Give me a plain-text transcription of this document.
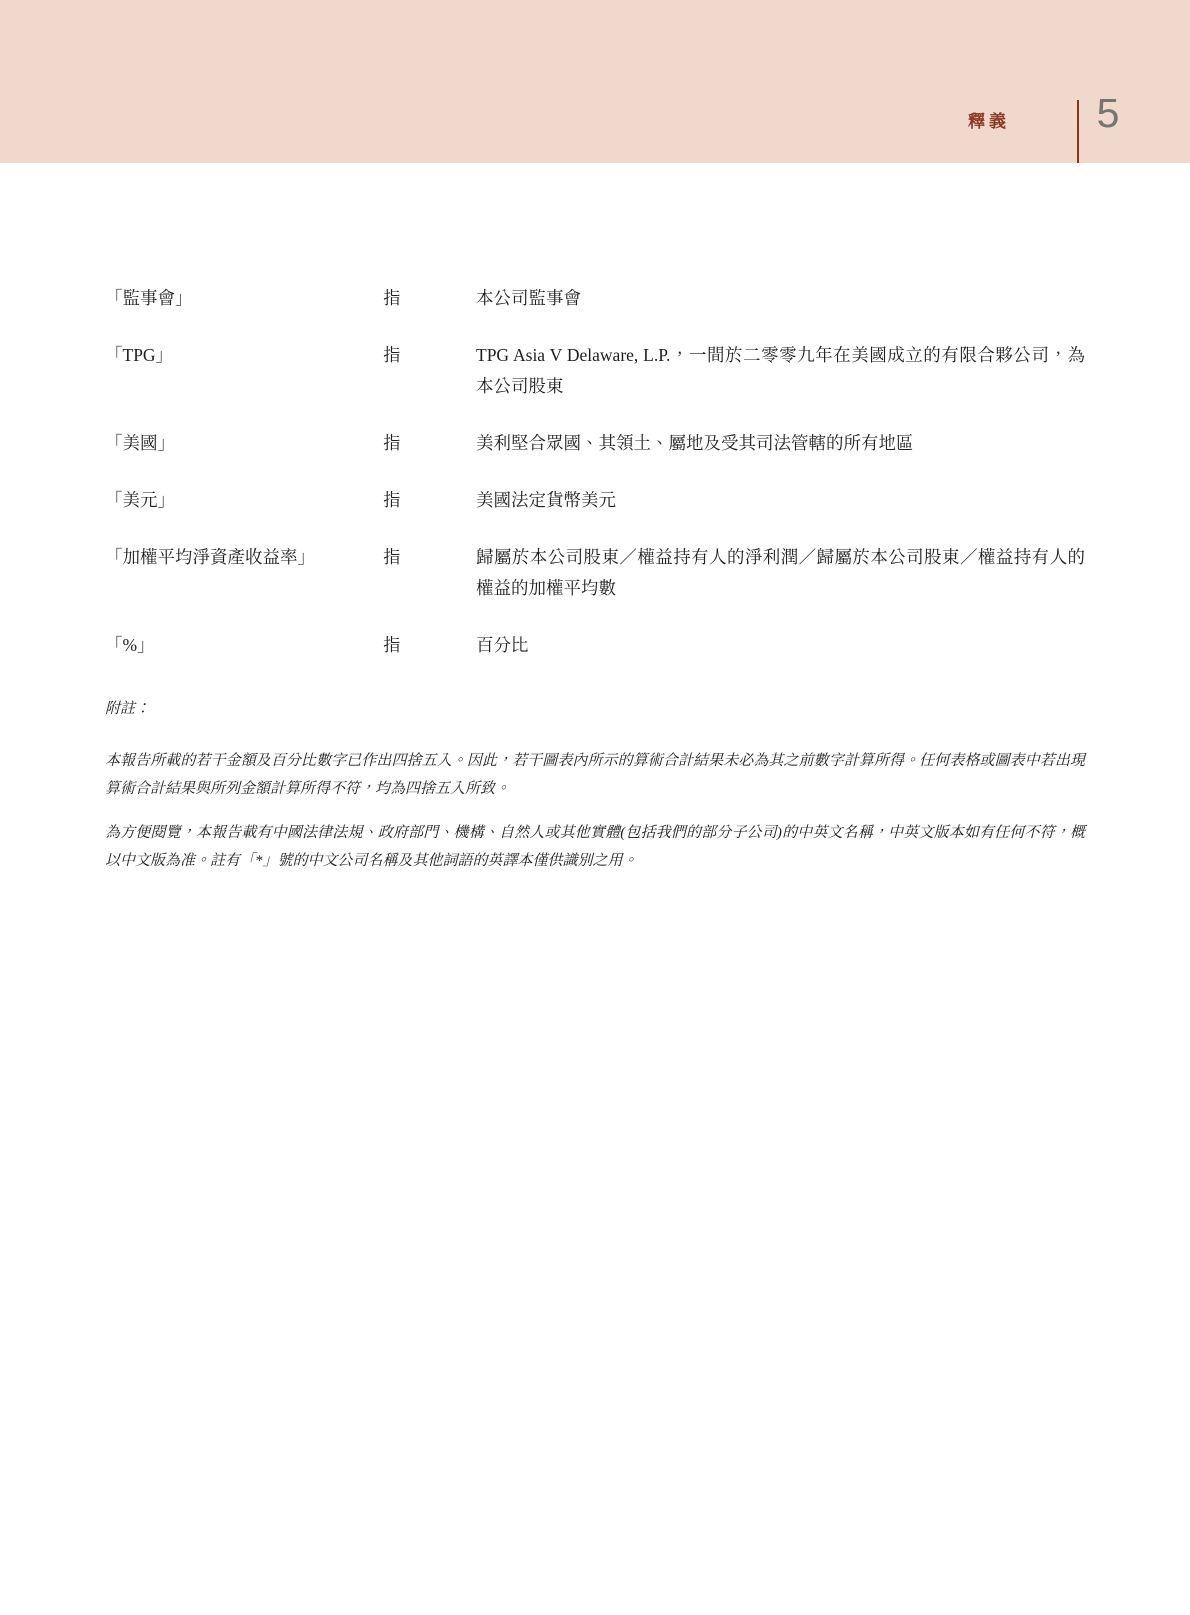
釋義	5
「監事會」	指	本公司監事會
「TPG」	指	TPG Asia V Delaware, L.P.，一間於二零零九年在美國成立的有限合夥公司，為本公司股東
「美國」	指	美利堅合眾國、其領土、屬地及受其司法管轄的所有地區
「美元」	指	美國法定貨幣美元
「加權平均淨資產收益率」	指	歸屬於本公司股東／權益持有人的淨利潤／歸屬於本公司股東／權益持有人的權益的加權平均數
「%」	指	百分比
附註：
本報告所載的若干金額及百分比數字已作出四捨五入。因此，若干圖表內所示的算術合計結果未必為其之前數字計算所得。任何表格或圖表中若出現算術合計結果與所列金額計算所得不符，均為四捨五入所致。
為方便閱覽，本報告載有中國法律法規、政府部門、機構、自然人或其他實體(包括我們的部分子公司)的中英文名稱，中英文版本如有任何不符，概以中文版為准。註有「*」號的中文公司名稱及其他詞語的英譯本僅供識別之用。
